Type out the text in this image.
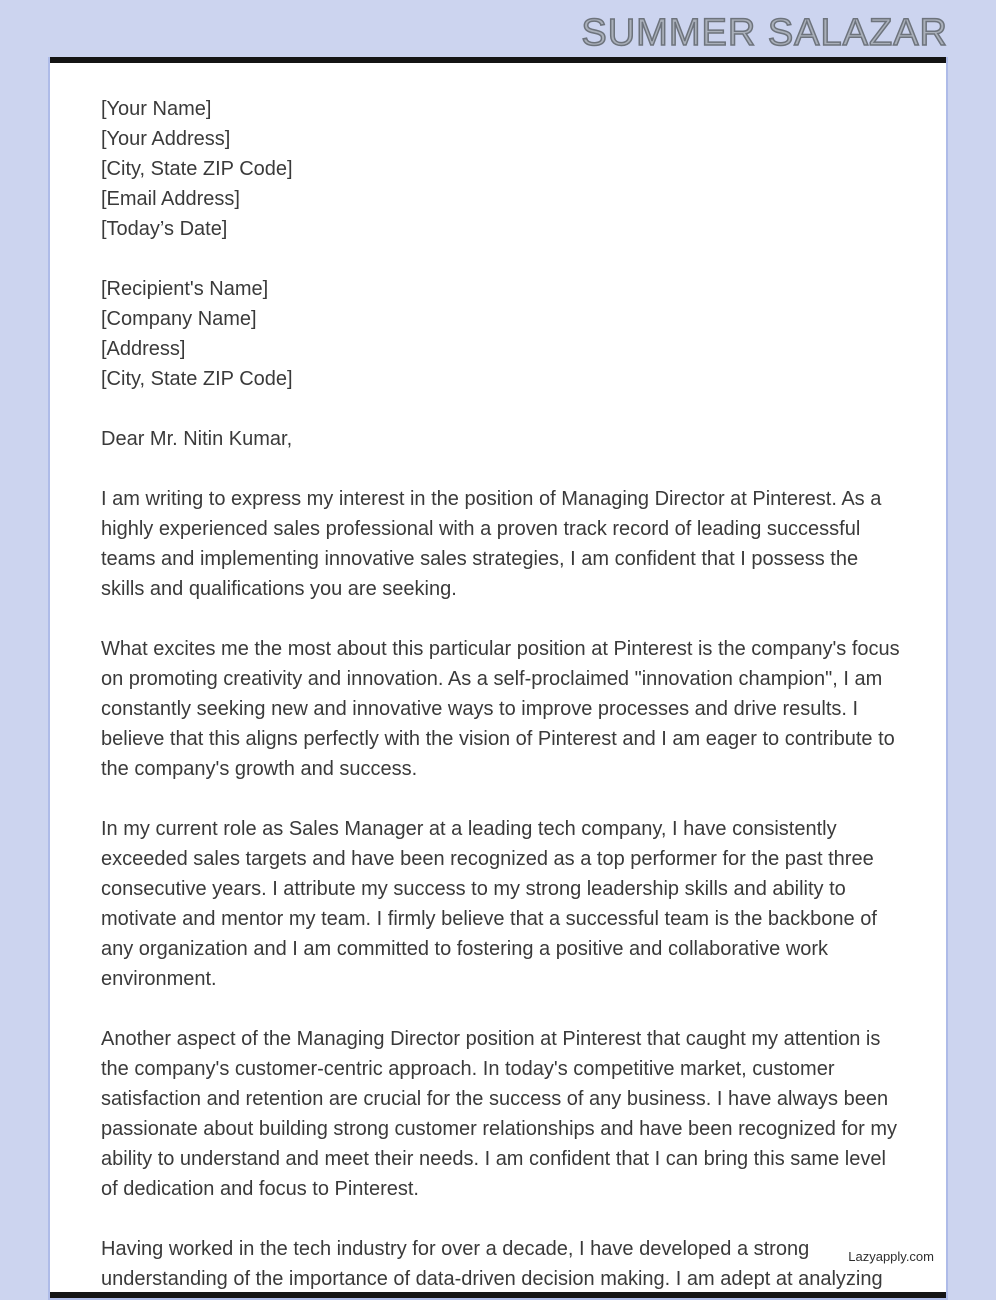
SUMMER SALAZAR
[Your Name]
[Your Address]
[City, State ZIP Code]
[Email Address]
[Today’s Date]
[Recipient's Name]
[Company Name]
[Address]
[City, State ZIP Code]
Dear Mr. Nitin Kumar,

I am writing to express my interest in the position of Managing Director at Pinterest. As a highly experienced sales professional with a proven track record of leading successful teams and implementing innovative sales strategies, I am confident that I possess the skills and qualifications you are seeking.

What excites me the most about this particular position at Pinterest is the company's focus on promoting creativity and innovation. As a self-proclaimed "innovation champion", I am constantly seeking new and innovative ways to improve processes and drive results. I believe that this aligns perfectly with the vision of Pinterest and I am eager to contribute to the company's growth and success.

In my current role as Sales Manager at a leading tech company, I have consistently exceeded sales targets and have been recognized as a top performer for the past three consecutive years. I attribute my success to my strong leadership skills and ability to motivate and mentor my team. I firmly believe that a successful team is the backbone of any organization and I am committed to fostering a positive and collaborative work environment.

Another aspect of the Managing Director position at Pinterest that caught my attention is the company's customer-centric approach. In today's competitive market, customer satisfaction and retention are crucial for the success of any business. I have always been passionate about building strong customer relationships and have been recognized for my ability to understand and meet their needs. I am confident that I can bring this same level of dedication and focus to Pinterest.

Having worked in the tech industry for over a decade, I have developed a strong understanding of the importance of data-driven decision making. I am adept at analyzing

Lazyapply.com
